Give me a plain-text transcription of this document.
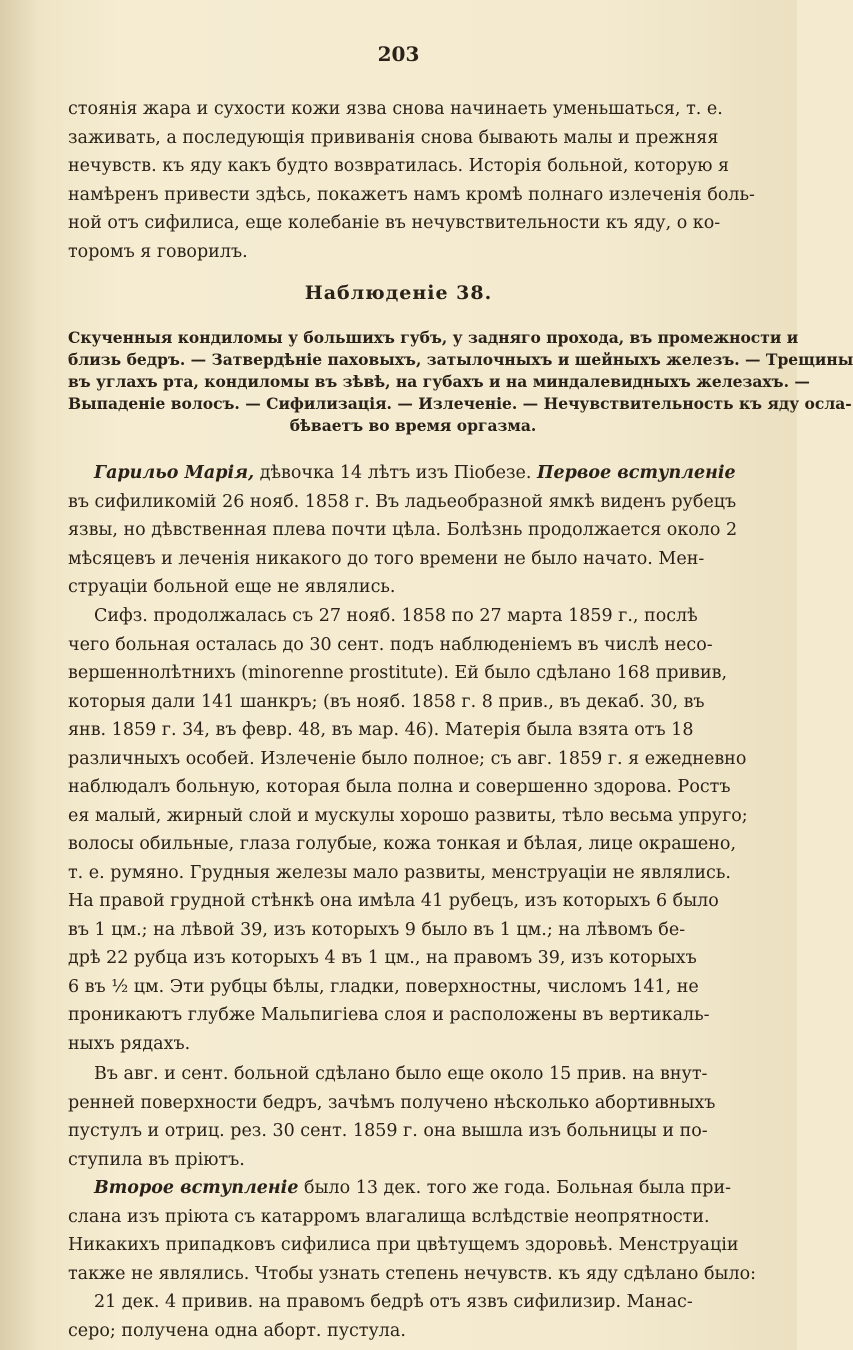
203
стоянія жара и сухости кожи язва снова начинаеть уменьшаться, т. е.
заживать, а последующія прививанія снова бывають малы и прежняя
нечувств. къ яду какъ будто возвратилась. Исторія больной, которую я
намѣренъ привести здѣсь, покажетъ намъ кромѣ полнаго излеченія боль-
ной отъ сифилиса, еще колебаніе въ нечувствительности къ яду, о ко-
торомъ я говорилъ.
Наблюденіе 38.
Скученныя кондиломы у большихъ губъ, у задняго прохода, въ промежности и
близь бедръ. — Затвердѣніе паховыхъ, затылочныхъ и шейныхъ железъ. — Трещины
въ углахъ рта, кондиломы въ зѣвѣ, на губахъ и на миндалевидныхъ железахъ. —
Выпаденіе волосъ. — Сифилизація. — Излеченіе. — Нечувствительность къ яду осла-
бѣваетъ во время оргазма.
Гарильо Марія, дѣвочка 14 лѣтъ изъ Піобезе. Первое вступленіе
въ сифиликомій 26 нояб. 1858 г. Въ ладьеобразной ямкѣ виденъ рубецъ
язвы, но дѣвственная плева почти цѣла. Болѣзнь продолжается около 2
мѣсяцевъ и леченія никакого до того времени не было начато. Мен-
струаціи больной еще не являлись.
Сифз. продолжалась съ 27 нояб. 1858 по 27 марта 1859 г., послѣ
чего больная осталась до 30 сент. подъ наблюденіемъ въ числѣ несо-
вершеннолѣтнихъ (minorenne prostitute). Ей было сдѣлано 168 привив,
которыя дали 141 шанкръ; (въ нояб. 1858 г. 8 прив., въ декаб. 30, въ
янв. 1859 г. 34, въ февр. 48, въ мар. 46). Матерія была взята отъ 18
различныхъ особей. Излеченіе было полное; съ авг. 1859 г. я ежедневно
наблюдалъ больную, которая была полна и совершенно здорова. Ростъ
ея малый, жирный слой и мускулы хорошо развиты, тѣло весьма упруго;
волосы обильные, глаза голубые, кожа тонкая и бѣлая, лице окрашено,
т. е. румяно. Грудныя железы мало развиты, менструаціи не являлись.
На правой грудной стѣнкѣ она имѣла 41 рубецъ, изъ которыхъ 6 было
въ 1 цм.; на лѣвой 39, изъ которыхъ 9 было въ 1 цм.; на лѣвомъ бе-
дрѣ 22 рубца изъ которыхъ 4 въ 1 цм., на правомъ 39, изъ которыхъ
6 въ ½ цм. Эти рубцы бѣлы, гладки, поверхностны, числомъ 141, не
проникаютъ глубже Мальпигіева слоя и расположены въ вертикаль-
ныхъ рядахъ.
Въ авг. и сент. больной сдѣлано было еще около 15 прив. на внут-
ренней поверхности бедръ, зачѣмъ получено нѣсколько абортивныхъ
пустулъ и отриц. рез. 30 сент. 1859 г. она вышла изъ больницы и по-
ступила въ пріютъ.
Второе вступленіе было 13 дек. того же года. Больная была при-
слана изъ пріюта съ катарромъ влагалища вслѣдствіе неопрятности.
Никакихъ припадковъ сифилиса при цвѣтущемъ здоровьѣ. Менструаціи
также не являлись. Чтобы узнать степень нечувств. къ яду сдѣлано было:
21 дек. 4 привив. на правомъ бедрѣ отъ язвъ сифилизир. Манас-
серо; получена одна аборт. пустула.
